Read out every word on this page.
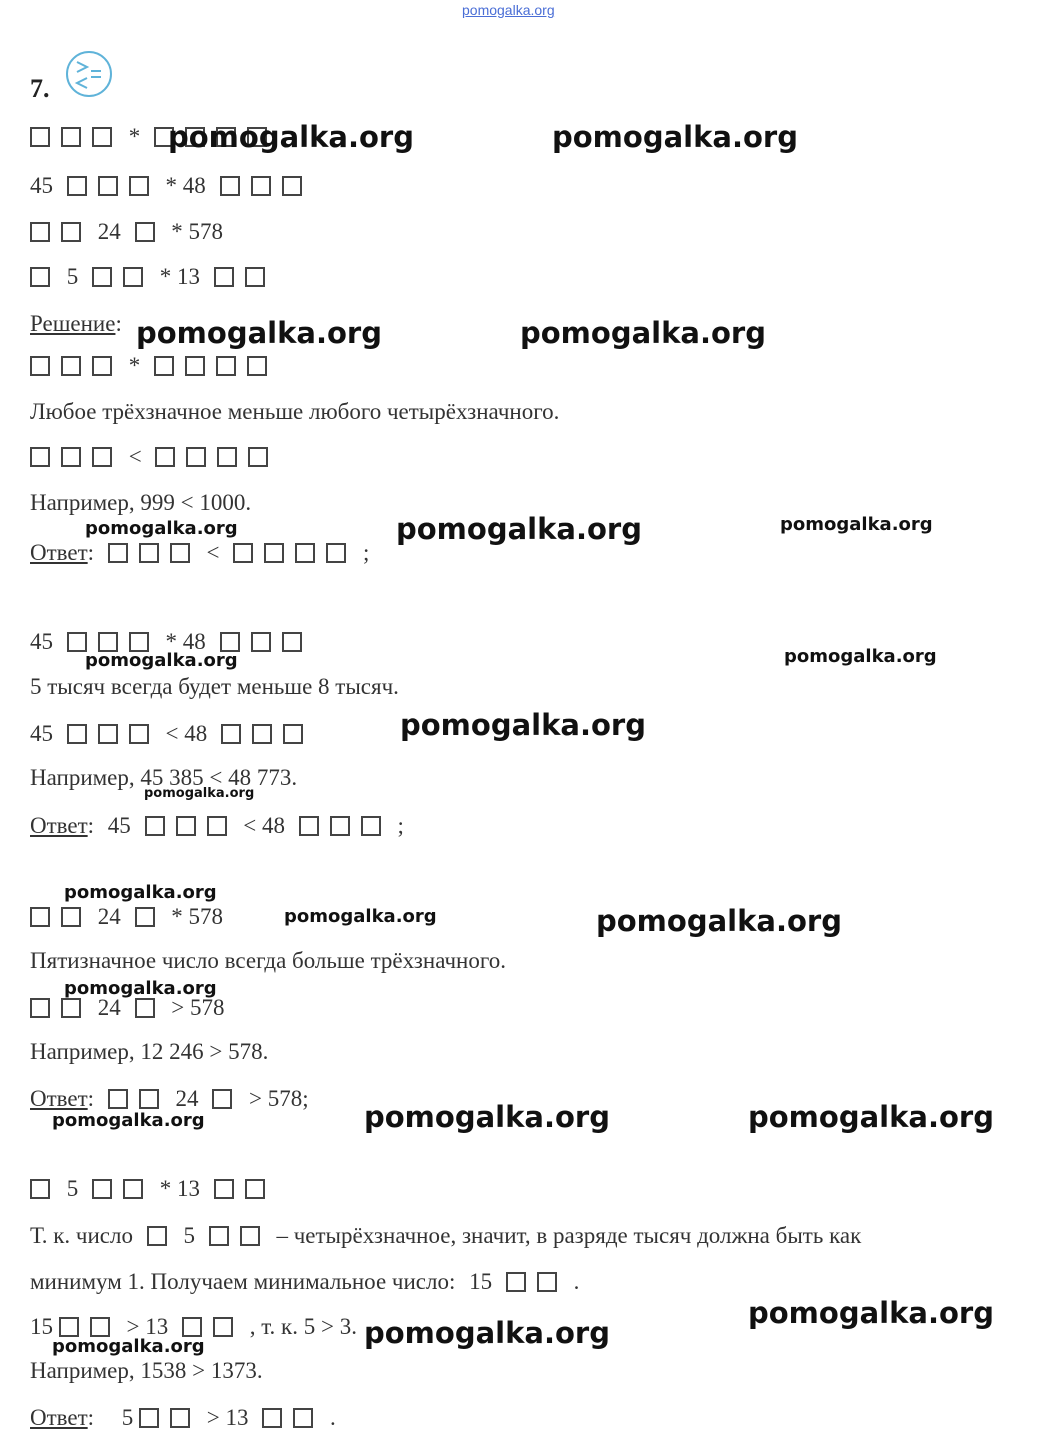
pomogalka.org
7.
*
45	* 48
24 * 578
5	* 13
Решение:
*
Любое трёхзначное меньше любого четырёхзначного.
<
Например, 999 < 1000.
Ответ:	<	;
45	* 48
5 тысяч всегда будет меньше 8 тысяч.
45	< 48
Например, 45 385 < 48 773.
Ответ: 45	< 48	;
24 * 578
Пятизначное число всегда больше трёхзначного.
24 > 578
Например, 12 246 > 578.
Ответ:	24 > 578;
5	* 13
Т. к. число 5	– четырёхзначное, значит, в разряде тысяч должна быть как
минимум 1. Получаем минимальное число: 15	.
15	> 13	, т. к. 5 > 3.
Например, 1538 > 1373.
Ответ: 5	> 13	.
pomogalka.org	pomogalka.org
pomogalka.org	pomogalka.org
pomogalka.org	pomogalka.org	pomogalka.org
pomogalka.org	pomogalka.org
pomogalka.org
pomogalka.org
pomogalka.org
pomogalka.org	pomogalka.org
pomogalka.org
pomogalka.org	pomogalka.org	pomogalka.org
pomogalka.org
pomogalka.org
pomogalka.org
